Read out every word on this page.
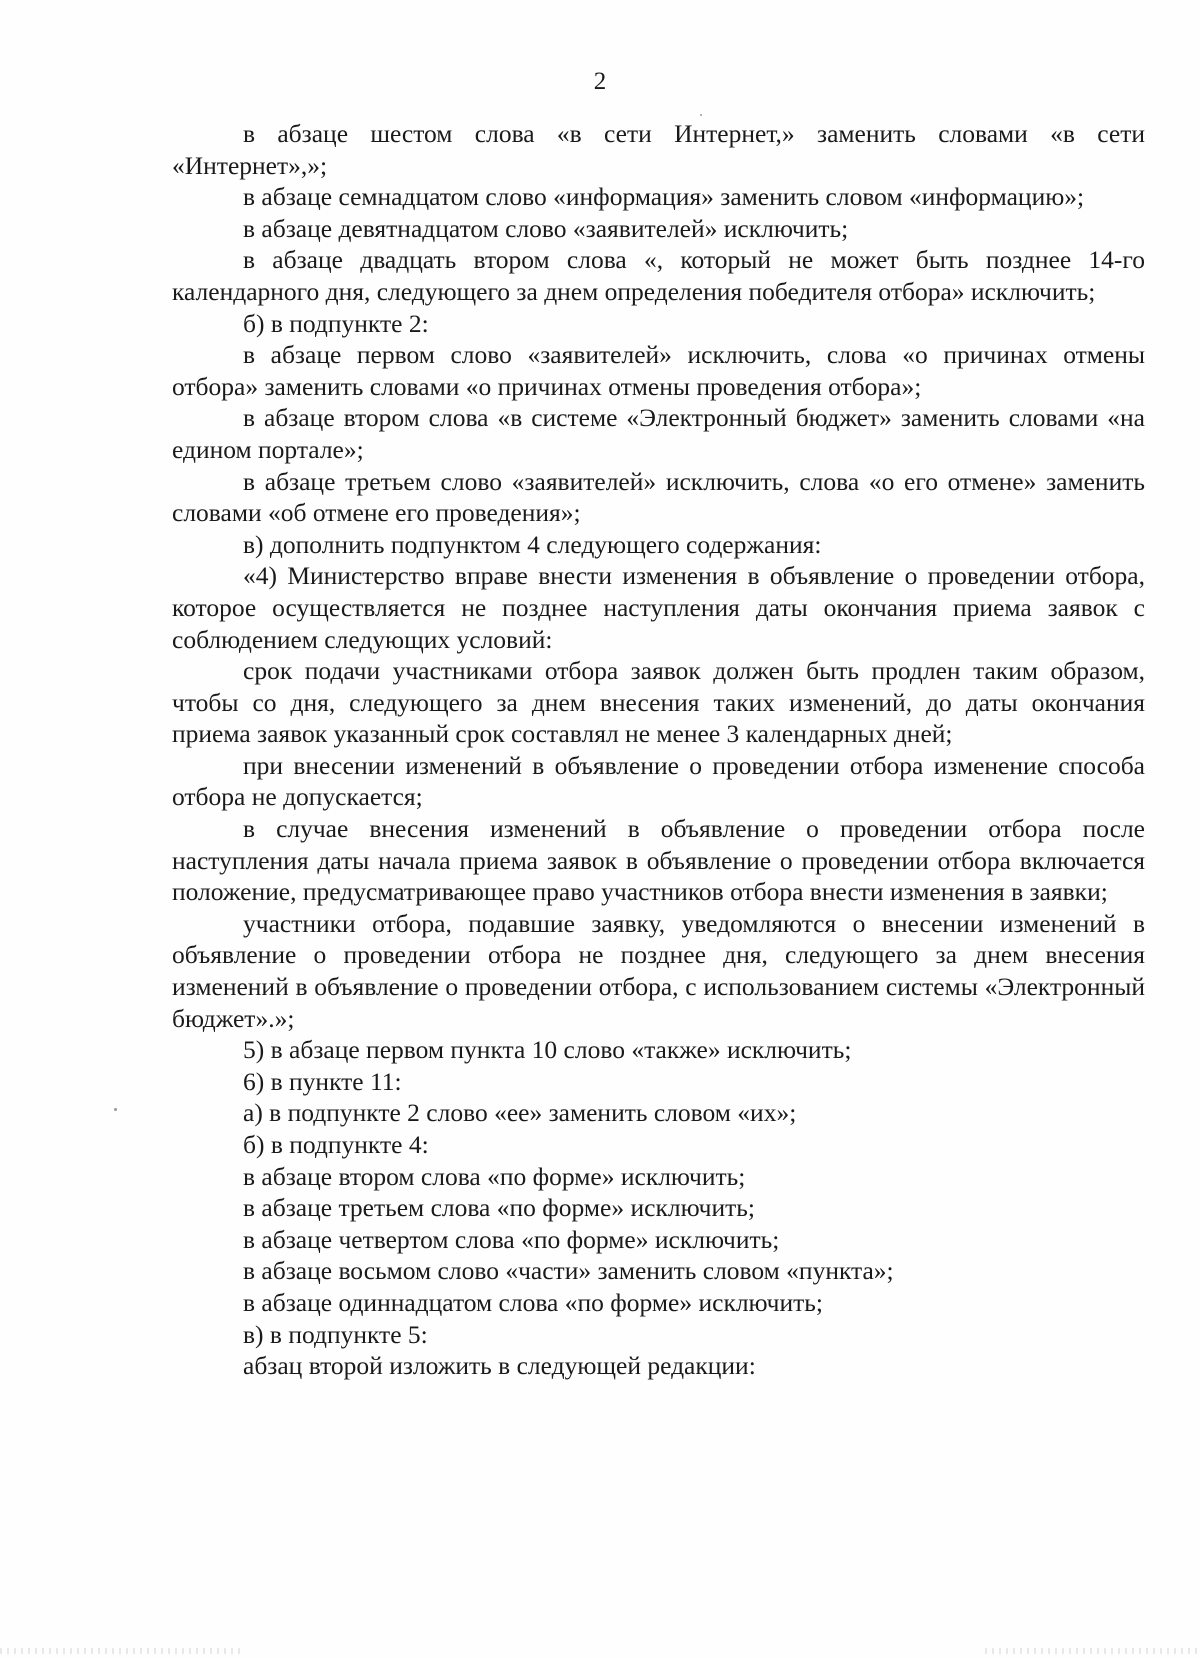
2

в абзаце шестом слова «в сети Интернет,» заменить словами «в сети «Интернет»,»;

в абзаце семнадцатом слово «информация» заменить словом «информацию»;

в абзаце девятнадцатом слово «заявителей» исключить;

в абзаце двадцать втором слова «, который не может быть позднее 14-го календарного дня, следующего за днем определения победителя отбора» исключить;

б) в подпункте 2:

в абзаце первом слово «заявителей» исключить, слова «о причинах отмены отбора» заменить словами «о причинах отмены проведения отбора»;

в абзаце втором слова «в системе «Электронный бюджет» заменить словами «на едином портале»;

в абзаце третьем слово «заявителей» исключить, слова «о его отмене» заменить словами «об отмене его проведения»;

в) дополнить подпунктом 4 следующего содержания:

«4) Министерство вправе внести изменения в объявление о проведении отбора, которое осуществляется не позднее наступления даты окончания приема заявок с соблюдением следующих условий:

срок подачи участниками отбора заявок должен быть продлен таким образом, чтобы со дня, следующего за днем внесения таких изменений, до даты окончания приема заявок указанный срок составлял не менее 3 календарных дней;

при внесении изменений в объявление о проведении отбора изменение способа отбора не допускается;

в случае внесения изменений в объявление о проведении отбора после наступления даты начала приема заявок в объявление о проведении отбора включается положение, предусматривающее право участников отбора внести изменения в заявки;

участники отбора, подавшие заявку, уведомляются о внесении изменений в объявление о проведении отбора не позднее дня, следующего за днем внесения изменений в объявление о проведении отбора, с использованием системы «Электронный бюджет».»;

5) в абзаце первом пункта 10 слово «также» исключить;

6) в пункте 11:

а) в подпункте 2 слово «ее» заменить словом «их»;

б) в подпункте 4:

в абзаце втором слова «по форме» исключить;

в абзаце третьем слова «по форме» исключить;

в абзаце четвертом слова «по форме» исключить;

в абзаце восьмом слово «части» заменить словом «пункта»;

в абзаце одиннадцатом слова «по форме» исключить;

в) в подпункте 5:

абзац второй изложить в следующей редакции:
